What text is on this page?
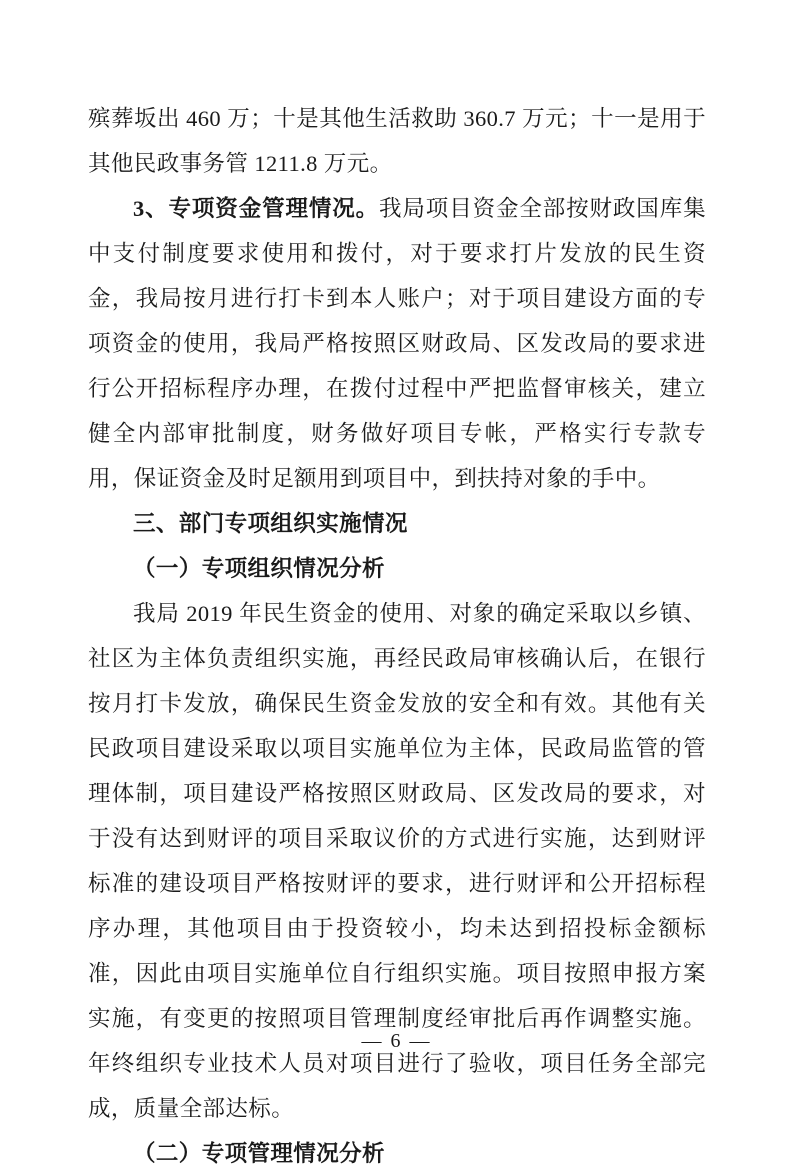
殡葬坂出 460 万；十是其他生活救助 360.7 万元；十一是用于其他民政事务管 1211.8 万元。

3、专项资金管理情况。我局项目资金全部按财政国库集中支付制度要求使用和拨付，对于要求打片发放的民生资金，我局按月进行打卡到本人账户；对于项目建设方面的专项资金的使用，我局严格按照区财政局、区发改局的要求进行公开招标程序办理，在拨付过程中严把监督审核关，建立健全内部审批制度，财务做好项目专帐，严格实行专款专用，保证资金及时足额用到项目中，到扶持对象的手中。

三、部门专项组织实施情况

（一）专项组织情况分析

我局 2019 年民生资金的使用、对象的确定采取以乡镇、社区为主体负责组织实施，再经民政局审核确认后，在银行按月打卡发放，确保民生资金发放的安全和有效。其他有关民政项目建设采取以项目实施单位为主体，民政局监管的管理体制，项目建设严格按照区财政局、区发改局的要求，对于没有达到财评的项目采取议价的方式进行实施，达到财评标准的建设项目严格按财评的要求，进行财评和公开招标程序办理，其他项目由于投资较小，均未达到招投标金额标准，因此由项目实施单位自行组织实施。项目按照申报方案实施，有变更的按照项目管理制度经审批后再作调整实施。年终组织专业技术人员对项目进行了验收，项目任务全部完成，质量全部达标。

（二）专项管理情况分析

— 6 —
